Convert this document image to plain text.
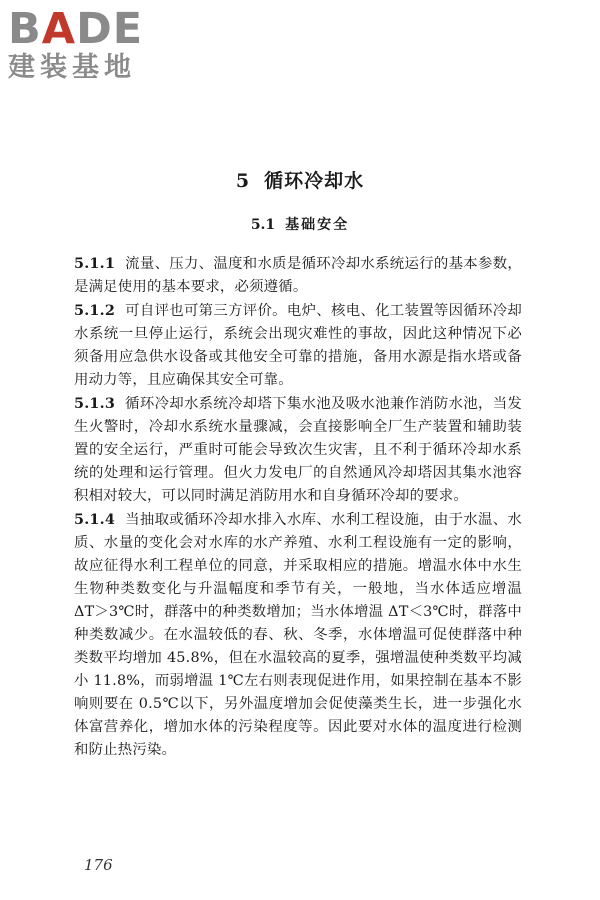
BADE
建装基地
5 循环冷却水
5.1 基础安全

5.1.1 流量、压力、温度和水质是循环冷却水系统运行的基本参数，是满足使用的基本要求，必须遵循。

5.1.2 可自评也可第三方评价。电炉、核电、化工装置等因循环冷却水系统一旦停止运行，系统会出现灾难性的事故，因此这种情况下必须备用应急供水设备或其他安全可靠的措施，备用水源是指水塔或备用动力等，且应确保其安全可靠。

5.1.3 循环冷却水系统冷却塔下集水池及吸水池兼作消防水池，当发生火警时，冷却水系统水量骤减，会直接影响全厂生产装置和辅助装置的安全运行，严重时可能会导致次生灾害，且不利于循环冷却水系统的处理和运行管理。但火力发电厂的自然通风冷却塔因其集水池容积相对较大，可以同时满足消防用水和自身循环冷却的要求。

5.1.4 当抽取或循环冷却水排入水库、水利工程设施，由于水温、水质、水量的变化会对水库的水产养殖、水利工程设施有一定的影响，故应征得水利工程单位的同意，并采取相应的措施。增温水体中水生生物种类数变化与升温幅度和季节有关，一般地，当水体适应增温 ΔT＞3℃时，群落中的种类数增加；当水体增温 ΔT＜3℃时，群落中种类数减少。在水温较低的春、秋、冬季，水体增温可促使群落中种类数平均增加 45.8%，但在水温较高的夏季，强增温使种类数平均减小 11.8%，而弱增温 1℃左右则表现促进作用，如果控制在基本不影响则要在 0.5℃以下，另外温度增加会促使藻类生长，进一步强化水体富营养化，增加水体的污染程度等。因此要对水体的温度进行检测和防止热污染。

176
